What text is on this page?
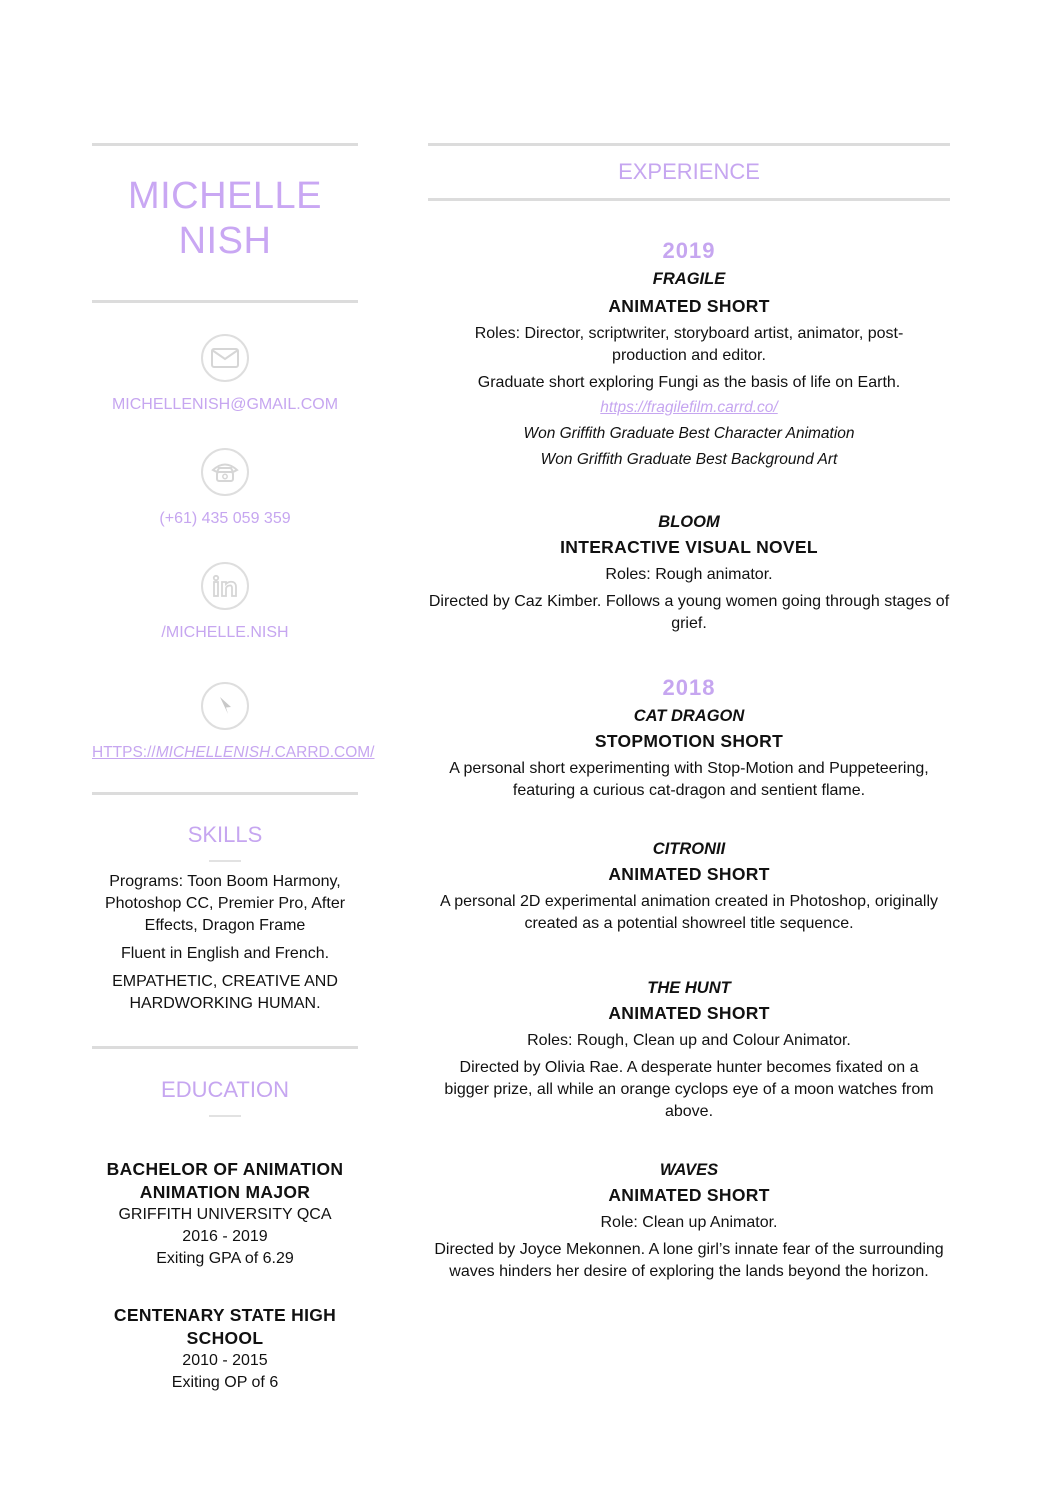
MICHELLE
NISH
MICHELLENISH@GMAIL.COM
(+61) 435 059 359
/MICHELLE.NISH
HTTPS://MICHELLENISH.CARRD.COM/
SKILLS
Programs: Toon Boom Harmony, Photoshop CC, Premier Pro, After Effects, Dragon Frame
Fluent in English and French.
EMPATHETIC, CREATIVE AND HARDWORKING HUMAN.
EDUCATION
BACHELOR OF ANIMATION ANIMATION MAJOR
GRIFFITH UNIVERSITY QCA
2016 - 2019
Exiting GPA of 6.29
CENTENARY STATE HIGH SCHOOL
2010 - 2015
Exiting OP of 6
EXPERIENCE
2019
FRAGILE
ANIMATED SHORT
Roles: Director, scriptwriter, storyboard artist, animator, post-production and editor.
Graduate short exploring Fungi as the basis of life on Earth.
https://fragilefilm.carrd.co/
Won Griffith Graduate Best Character Animation
Won Griffith Graduate Best Background Art
BLOOM
INTERACTIVE VISUAL NOVEL
Roles: Rough animator.
Directed by Caz Kimber. Follows a young women going through stages of grief.
2018
CAT DRAGON
STOPMOTION SHORT
A personal short experimenting with Stop-Motion and Puppeteering, featuring a curious cat-dragon and sentient flame.
CITRONII
ANIMATED SHORT
A personal 2D experimental animation created in Photoshop, originally created as a potential showreel title sequence.
THE HUNT
ANIMATED SHORT
Roles: Rough, Clean up and Colour Animator.
Directed by Olivia Rae. A desperate hunter becomes fixated on a bigger prize, all while an orange cyclops eye of a moon watches from above.
WAVES
ANIMATED SHORT
Role: Clean up Animator.
Directed by Joyce Mekonnen. A lone girl’s innate fear of the surrounding waves hinders her desire of exploring the lands beyond the horizon.
